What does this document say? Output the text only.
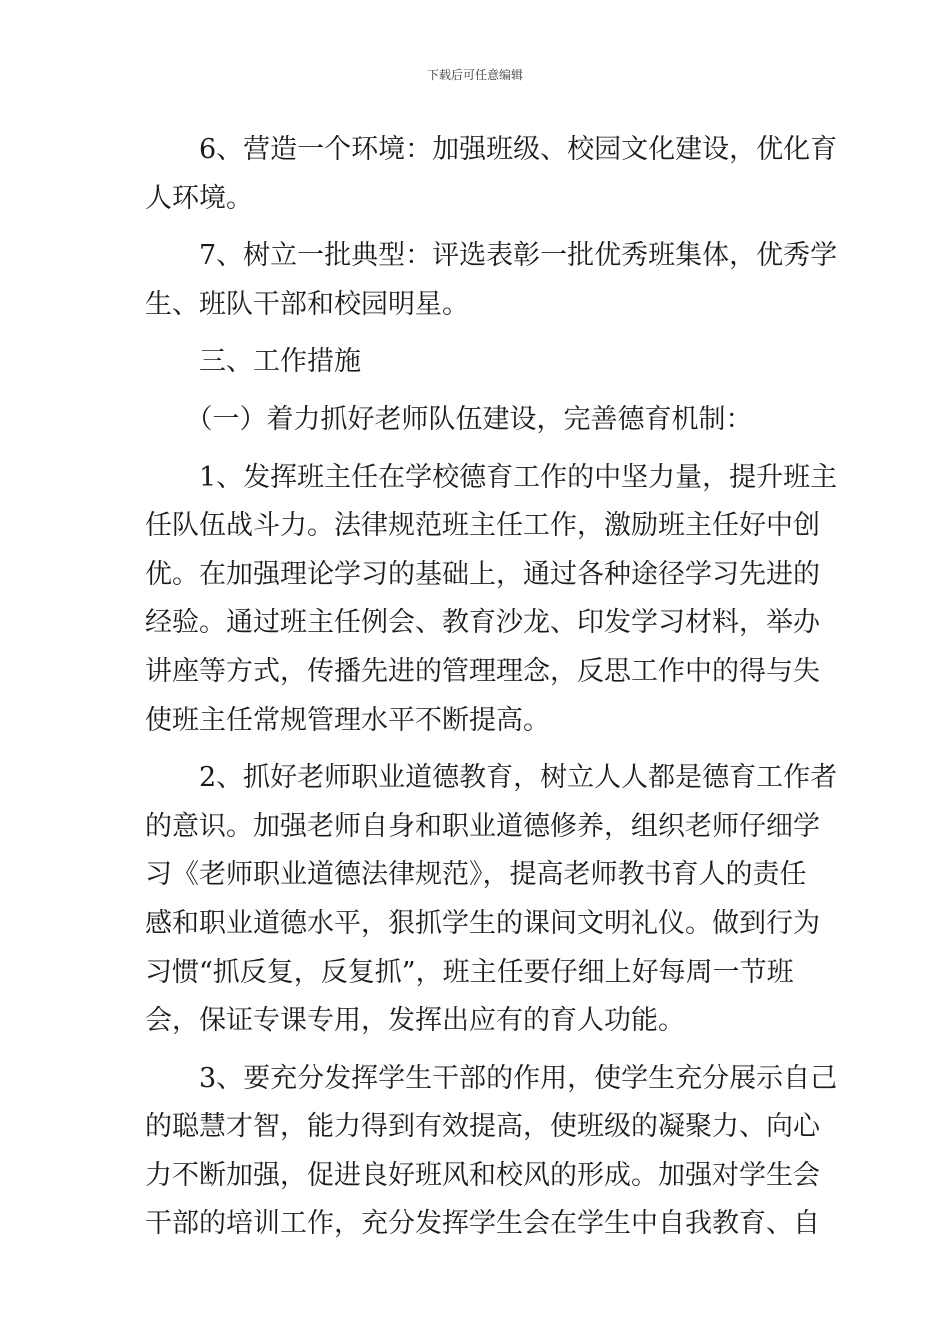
下载后可任意编辑
　　6、营造一个环境：加强班级、校园文化建设，优化育
人环境。
　　7、树立一批典型：评选表彰一批优秀班集体，优秀学
生、班队干部和校园明星。
　　三、工作措施
　　（一）着力抓好老师队伍建设，完善德育机制：
　　1、发挥班主任在学校德育工作的中坚力量，提升班主
任队伍战斗力。法律规范班主任工作，激励班主任好中创
优。在加强理论学习的基础上，通过各种途径学习先进的
经验。通过班主任例会、教育沙龙、印发学习材料，举办
讲座等方式，传播先进的管理理念，反思工作中的得与失
使班主任常规管理水平不断提高。
　　2、抓好老师职业道德教育，树立人人都是德育工作者
的意识。加强老师自身和职业道德修养，组织老师仔细学
习《老师职业道德法律规范》，提高老师教书育人的责任
感和职业道德水平，狠抓学生的课间文明礼仪。做到行为
习惯“抓反复，反复抓”，班主任要仔细上好每周一节班
会，保证专课专用，发挥出应有的育人功能。
　　3、要充分发挥学生干部的作用，使学生充分展示自己
的聪慧才智，能力得到有效提高，使班级的凝聚力、向心
力不断加强，促进良好班风和校风的形成。加强对学生会
干部的培训工作，充分发挥学生会在学生中自我教育、自
